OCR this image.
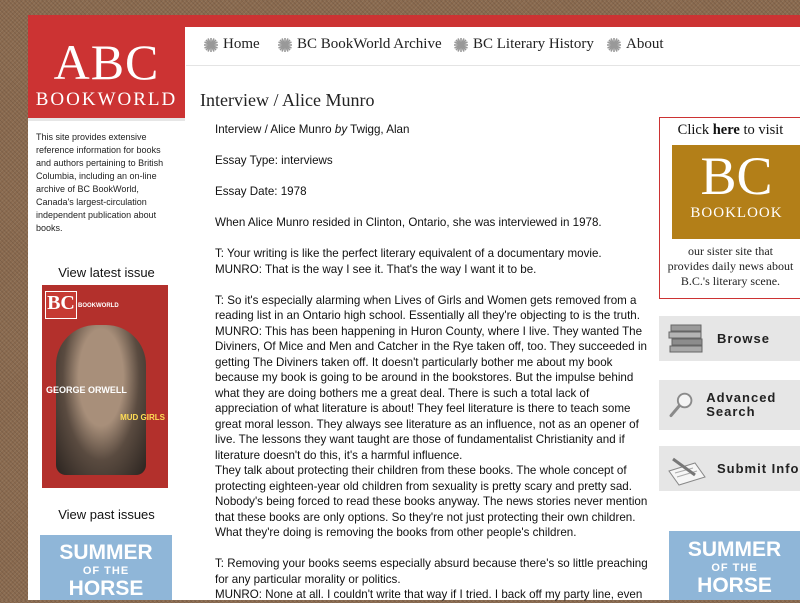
ABC
BOOKWORLD
Home BC BookWorld Archive BC Literary History About
This site provides extensive reference information for books and authors pertaining to British Columbia, including an on-line archive of BC BookWorld, Canada's largest-circulation independent publication about books.
View latest issue
BC BOOKWORLD
GEORGE ORWELL
MUD GIRLS
View past issues
SUMMER
OF THE
HORSE
Interview / Alice Munro

Interview / Alice Munro by Twigg, Alan

Essay Type: interviews

Essay Date: 1978

When Alice Munro resided in Clinton, Ontario, she was interviewed in 1978.

T: Your writing is like the perfect literary equivalent of a documentary movie.

MUNRO: That is the way I see it. That's the way I want it to be.

T: So it's especially alarming when Lives of Girls and Women gets removed from a reading list in an Ontario high school. Essentially all they're objecting to is the truth.

MUNRO: This has been happening in Huron County, where I live. They wanted The Diviners, Of Mice and Men and Catcher in the Rye taken off, too. They succeeded in getting The Diviners taken off. It doesn't particularly bother me about my book because my book is going to be around in the bookstores. But the impulse behind what they are doing bothers me a great deal. There is such a total lack of appreciation of what literature is about! They feel literature is there to teach some great moral lesson. They always see literature as an influence, not as an opener of live. The lessons they want taught are those of fundamentalist Christianity and if literature doesn't do this, it's a harmful influence.

They talk about protecting their children from these books. The whole concept of protecting eighteen-year old children from sexuality is pretty scary and pretty sad. Nobody's being forced to read these books anyway. The news stories never mention that these books are only options. So they're not just protecting their own children. What they're doing is removing the books from other people's children.

T: Removing your books seems especially absurd because there's so little preaching for any particular morality or politics.

MUNRO: None at all. I couldn't write that way if I tried. I back off my party line, even

Click here to visit
BC
BOOKLOOK
our sister site that
provides daily news about
B.C.'s literary scene.
Browse
Advanced Search
Submit Info
SUMMER
OF THE
HORSE
